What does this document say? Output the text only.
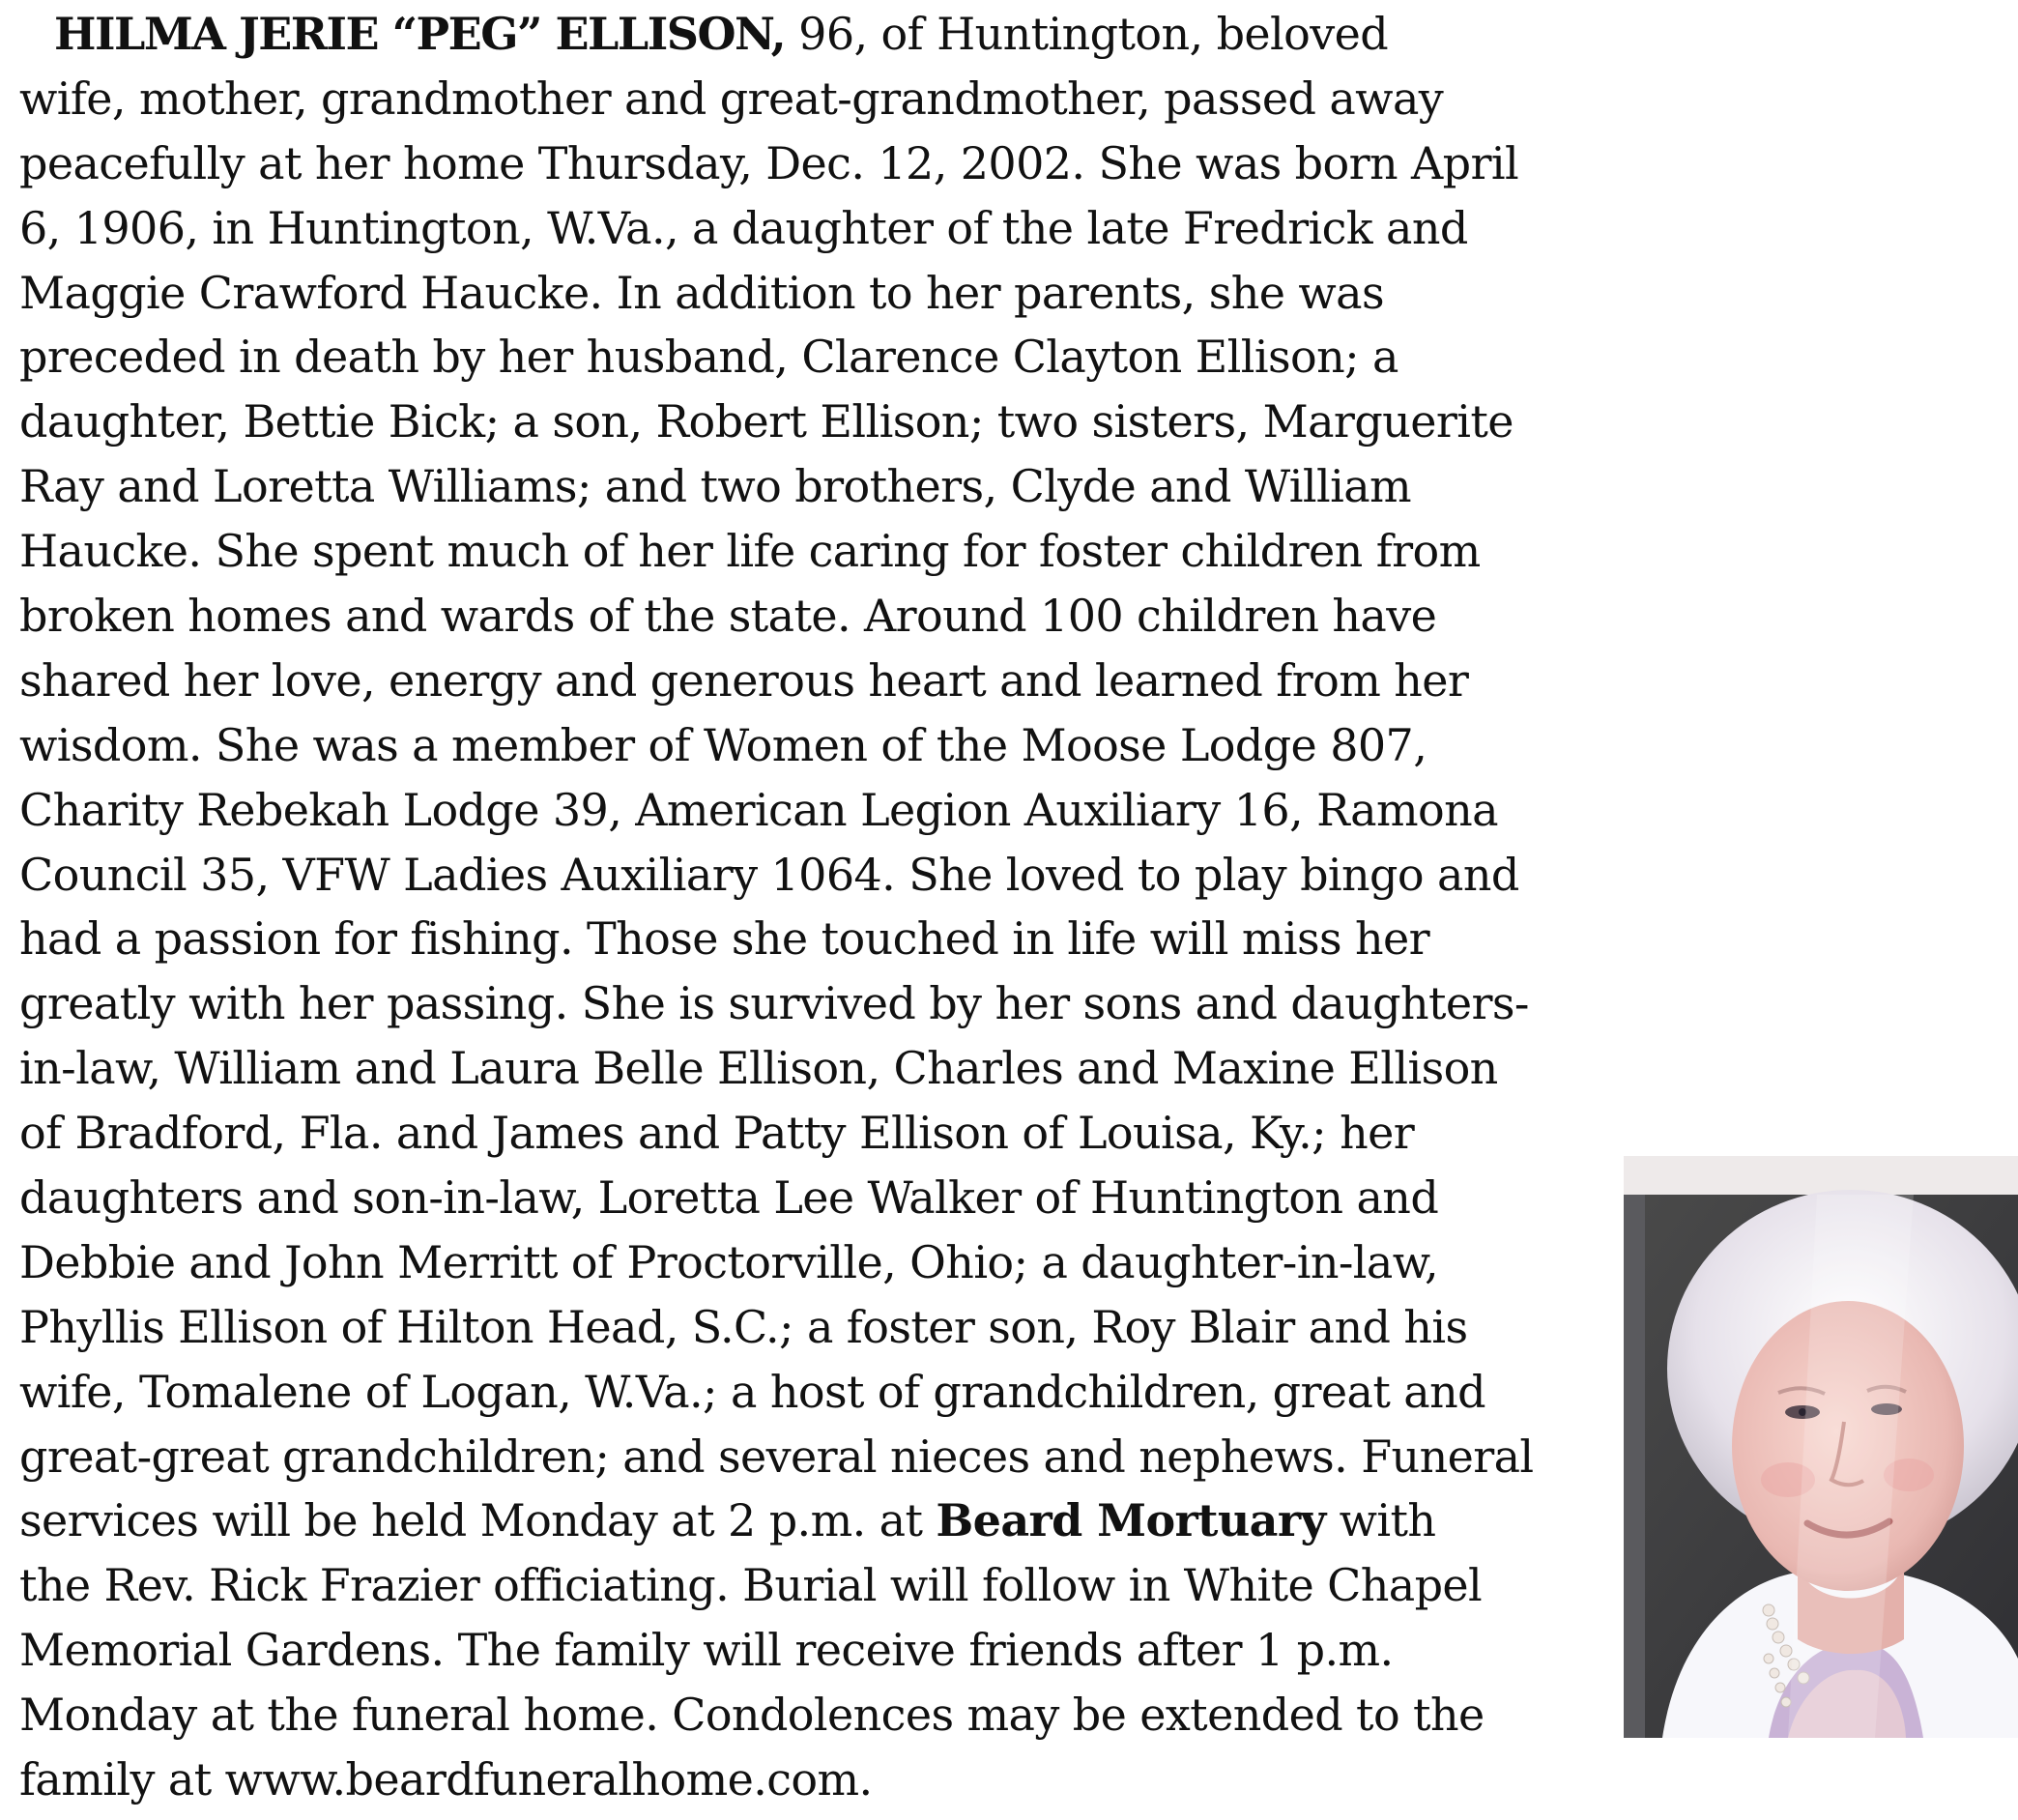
HILMA JERIE “PEG” ELLISON, 96, of Huntington, beloved
wife, mother, grandmother and great-grandmother, passed away
peacefully at her home Thursday, Dec. 12, 2002. She was born April
6, 1906, in Huntington, W.Va., a daughter of the late Fredrick and
Maggie Crawford Haucke. In addition to her parents, she was
preceded in death by her husband, Clarence Clayton Ellison; a
daughter, Bettie Bick; a son, Robert Ellison; two sisters, Marguerite
Ray and Loretta Williams; and two brothers, Clyde and William
Haucke. She spent much of her life caring for foster children from
broken homes and wards of the state. Around 100 children have
shared her love, energy and generous heart and learned from her
wisdom. She was a member of Women of the Moose Lodge 807,
Charity Rebekah Lodge 39, American Legion Auxiliary 16, Ramona
Council 35, VFW Ladies Auxiliary 1064. She loved to play bingo and
had a passion for fishing. Those she touched in life will miss her
greatly with her passing. She is survived by her sons and daughters-
in-law, William and Laura Belle Ellison, Charles and Maxine Ellison
of Bradford, Fla. and James and Patty Ellison of Louisa, Ky.; her
daughters and son-in-law, Loretta Lee Walker of Huntington and
Debbie and John Merritt of Proctorville, Ohio; a daughter-in-law,
Phyllis Ellison of Hilton Head, S.C.; a foster son, Roy Blair and his
wife, Tomalene of Logan, W.Va.; a host of grandchildren, great and
great-great grandchildren; and several nieces and nephews. Funeral
services will be held Monday at 2 p.m. at Beard Mortuary with
the Rev. Rick Frazier officiating. Burial will follow in White Chapel
Memorial Gardens. The family will receive friends after 1 p.m.
Monday at the funeral home. Condolences may be extended to the
family at www.beardfuneralhome.com.
